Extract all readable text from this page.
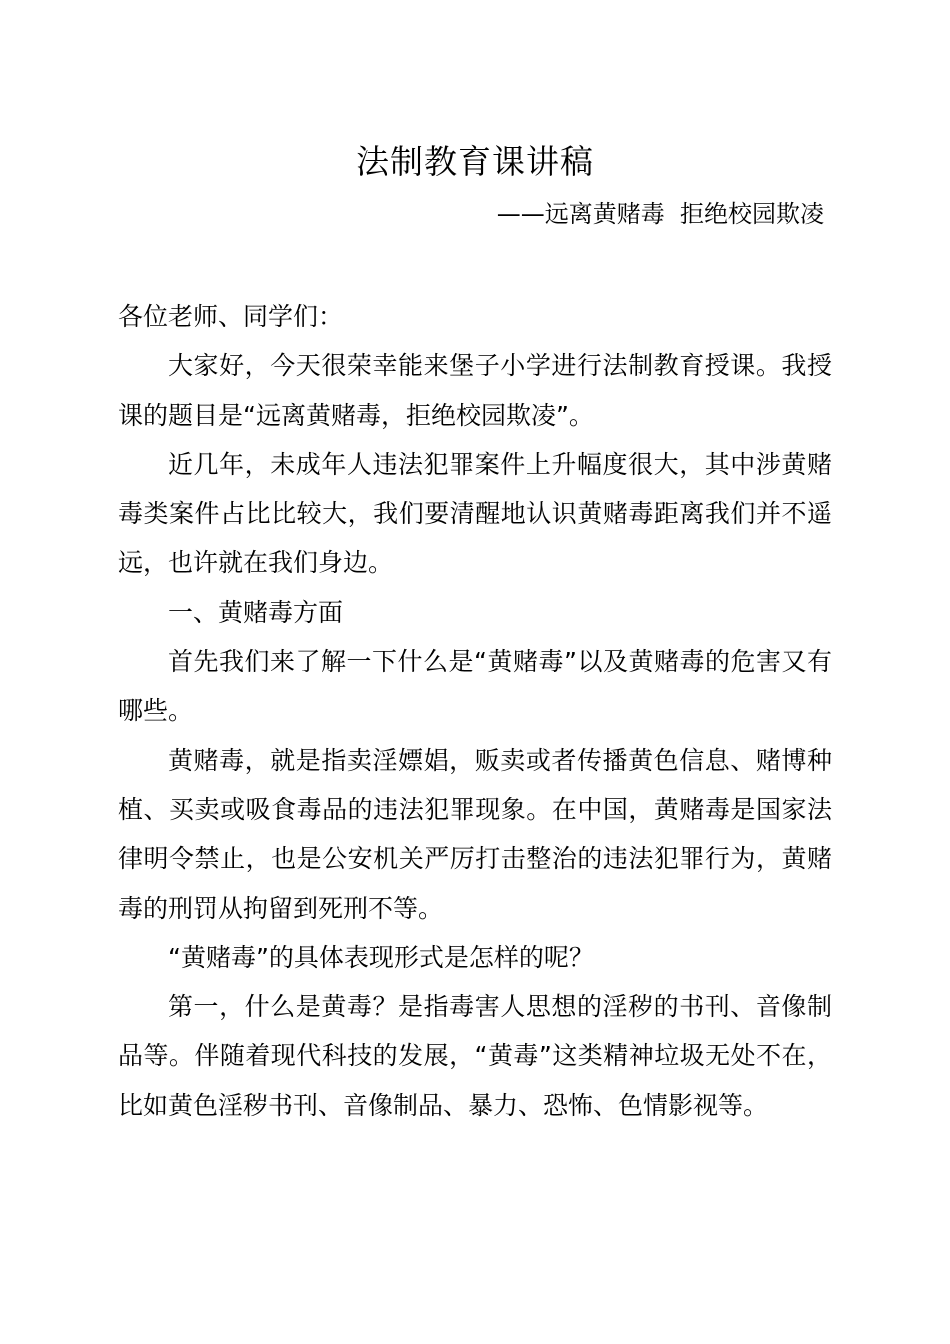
法制教育课讲稿
——远离黄赌毒  拒绝校园欺凌

各位老师、同学们：

大家好，今天很荣幸能来堡子小学进行法制教育授课。我授课的题目是“远离黄赌毒，拒绝校园欺凌”。

近几年，未成年人违法犯罪案件上升幅度很大，其中涉黄赌毒类案件占比比较大，我们要清醒地认识黄赌毒距离我们并不遥远，也许就在我们身边。

一、黄赌毒方面

首先我们来了解一下什么是“黄赌毒”以及黄赌毒的危害又有哪些。

黄赌毒，就是指卖淫嫖娼，贩卖或者传播黄色信息、赌博种植、买卖或吸食毒品的违法犯罪现象。在中国，黄赌毒是国家法律明令禁止，也是公安机关严厉打击整治的违法犯罪行为，黄赌毒的刑罚从拘留到死刑不等。

“黄赌毒”的具体表现形式是怎样的呢？

第一，什么是黄毒？是指毒害人思想的淫秽的书刊、音像制品等。伴随着现代科技的发展，“黄毒”这类精神垃圾无处不在，比如黄色淫秽书刊、音像制品、暴力、恐怖、色情影视等。
